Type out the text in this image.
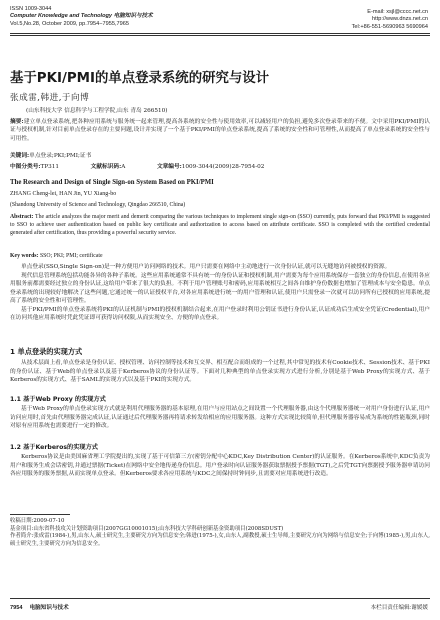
ISSN 1009-3044
Computer Knowledge and Technology 电脑知识与技术
Vol.5,No.28, October 2009, pp.7954−7955,7965
E-mail: xsjl@cccc.net.cn
http://www.dnzs.net.cn
Tel:+86-551-5690963 5690964
基于PKI/PMI的单点登录系统的研究与设计
张成雷,韩进,于向博
(山东科技大学 信息科学与工程学院,山东 青岛 266510)
摘要:建立单点登录系统,把各种应用系统与服务统一起来管理,提高各系统的安全性与使用效率,可以减轻用户的负担,避免多次登录带来的不便。文中采用PKI/PMI的认证与授权机制,针对目前单点登录存在的主要问题,设计并实现了一个基于PKI/PMI的单点登录系统,提高了系统的安全性和可管理性,从而提高了单点登录系统的安全性与可用性。
关键词:单点登录;PKI;PMI;证书
中图分类号:TP311	文献标识码:A	文章编号:1009-3044(2009)28-7954-02
The Research and Design of Single Sign-on System Based on PKI/PMI
ZHANG Cheng-lei, HAN Jin, YU Xiang-bo
(Shandong University of Science and Technology, Qingdao 266510, China)
Abstract: The article analyzes the major merit and demerit comparing the various techniques to implement single sign-on (SSO) currently, puts forward that PKI/PMI is suggested to SSO to achieve user authentication based on public key certificate and authorization to access based on attribute certificate. SSO is completed with the certified credential generated after certification, thus providing a powerful security service.
Key words: SSO; PKI; PMI; certificate
单点登录(SSO,Single Sign-on)是一种方便用户访问网络的技术。用户只需要在网络中主动地进行一次身份认证,就可以无缝地访问被授权的资源。
现代信息管理系统包括功能各异的各种子系统。这些应用系统通常不具有统一的身份认证和授权机制,用户需要为每个应用系统保存一套独立的身份信息,在使用各应用服务前都需要经过独立的身份认证,这给用户带来了很大的负担。不利于用户管理账号和密码,应用系统相互之间各自维护身份数据也增加了管理成本与安全隐患。单点登录系统的出现较好地解决了这些问题,它通过统一的认证授权平台,对各应用系统进行统一的用户管理和认证,使用户只需登录一次就可以访问所有已授权的应用系统,提高了系统的安全性和可管理性。
基于PKI/PMI的单点登录系统将PKI的认证机制与PMI的授权机制结合起来,在用户登录时利用公钥证书进行身份认证,认证成功后生成安全凭证(Credential),用户在访问其他应用系统时凭此凭证即可获得访问权限,从而实现安全、方便的单点登录。
1 单点登录的实现方式
从技术层面上看,单点登录是身份认证、授权管理、访问控制等技术和互交界、相互配合而组成的一个过程,其中常见的技术有Cookie技术、Session技术、基于PKI的身份认证、基于Web的单点登录以及基于Kerberos协议的身份认证等。下面对几种典型的单点登录实现方式进行分析,分别是基于Web Proxy的实现方式、基于Kerberos的实现方式、基于SAML的实现方式以及基于PKI的实现方式。
1.1 基于Web Proxy 的实现方式
基于Web Proxy的单点登录实现方式就是利用代理服务器的基本原理,在用户与应用站点之间设置一个代理服务器,由这个代理服务器统一对用户身份进行认证,用户访问应用时,首先由代理服务器完成认证,认证通过后代理服务器再将请求转发给相应的应用服务器。这种方式实现比较简单,但代理服务器容易成为系统的性能瓶颈,同时对原有应用系统也需要进行一定的修改。
1.2 基于Kerberos的实现方式
Kerberos协议是由美国麻省理工学院提出的,实现了基于可信第三方(密钥分配中心KDC,Key Distribution Center)的认证服务。在Kerberos系统中,KDC负责为用户和服务生成会话密钥,并通过票据(Ticket)在网络中安全地传递身份信息。用户登录时向认证服务器获取票据授予票据(TGT),之后凭TGT向票据授予服务器申请访问各应用服务的服务票据,从而实现单点登录。但Kerberos要求各应用系统与KDC之间保持时钟同步,且需要对应用系统进行改造。
收稿日期:2009-07-10
基金项目:山东省科技攻关计划资助项目(2007GG10001015);山东科技大学科研创新基金资助项目(2008SDUST)
作者简介:张成雷(1984-),男,山东人,硕士研究生,主要研究方向为信息安全;韩进(1975-),女,山东人,副教授,硕士生导师,主要研究方向为网络与信息安全;于向博(1985-),男,山东人,硕士研究生,主要研究方向为信息安全。
7954 电脑知识与技术	本栏目责任编辑:谢媛媛
